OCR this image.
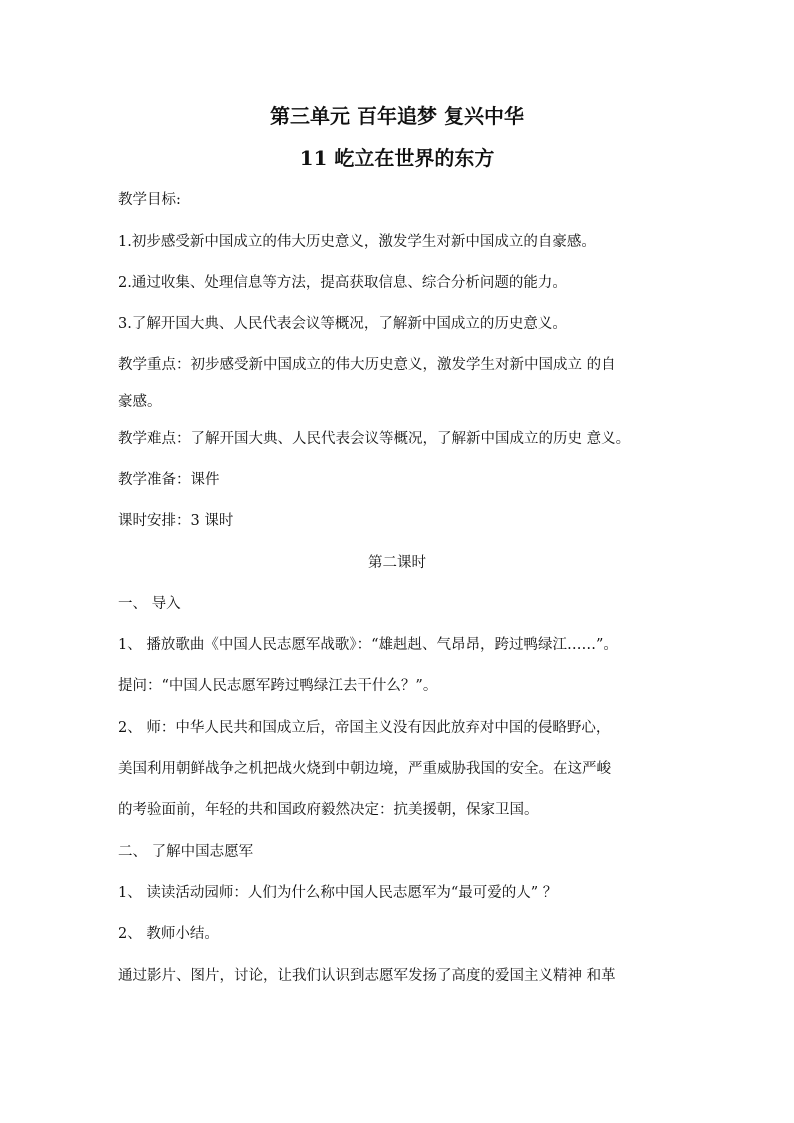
第三单元 百年追梦 复兴中华
11 屹立在世界的东方
教学目标:
1.初步感受新中国成立的伟大历史意义，激发学生对新中国成立的自豪感。
2.通过收集、处理信息等方法，提高获取信息、综合分析问题的能力。
3.了解开国大典、人民代表会议等概况，了解新中国成立的历史意义。
教学重点：初步感受新中国成立的伟大历史意义，激发学生对新中国成立 的自
豪感。
教学难点：了解开国大典、人民代表会议等概况，了解新中国成立的历史 意义。
教学准备：课件
课时安排：3 课时
第二课时
一、 导入
1、 播放歌曲《中国人民志愿军战歌》：“雄赳赳、气昂昂，跨过鸭绿江……”。
提问：“中国人民志愿军跨过鸭绿江去干什么？”。
2、 师：中华人民共和国成立后，帝国主义没有因此放弃对中国的侵略野心，
美国利用朝鲜战争之机把战火烧到中朝边境，严重威胁我国的安全。在这严峻
的考验面前，年轻的共和国政府毅然决定：抗美援朝，保家卫国。
二、 了解中国志愿军
1、 读读活动园师：人们为什么称中国人民志愿军为“最可爱的人” ？
2、 教师小结。
通过影片、图片，讨论，让我们认识到志愿军发扬了高度的爱国主义精神 和革
